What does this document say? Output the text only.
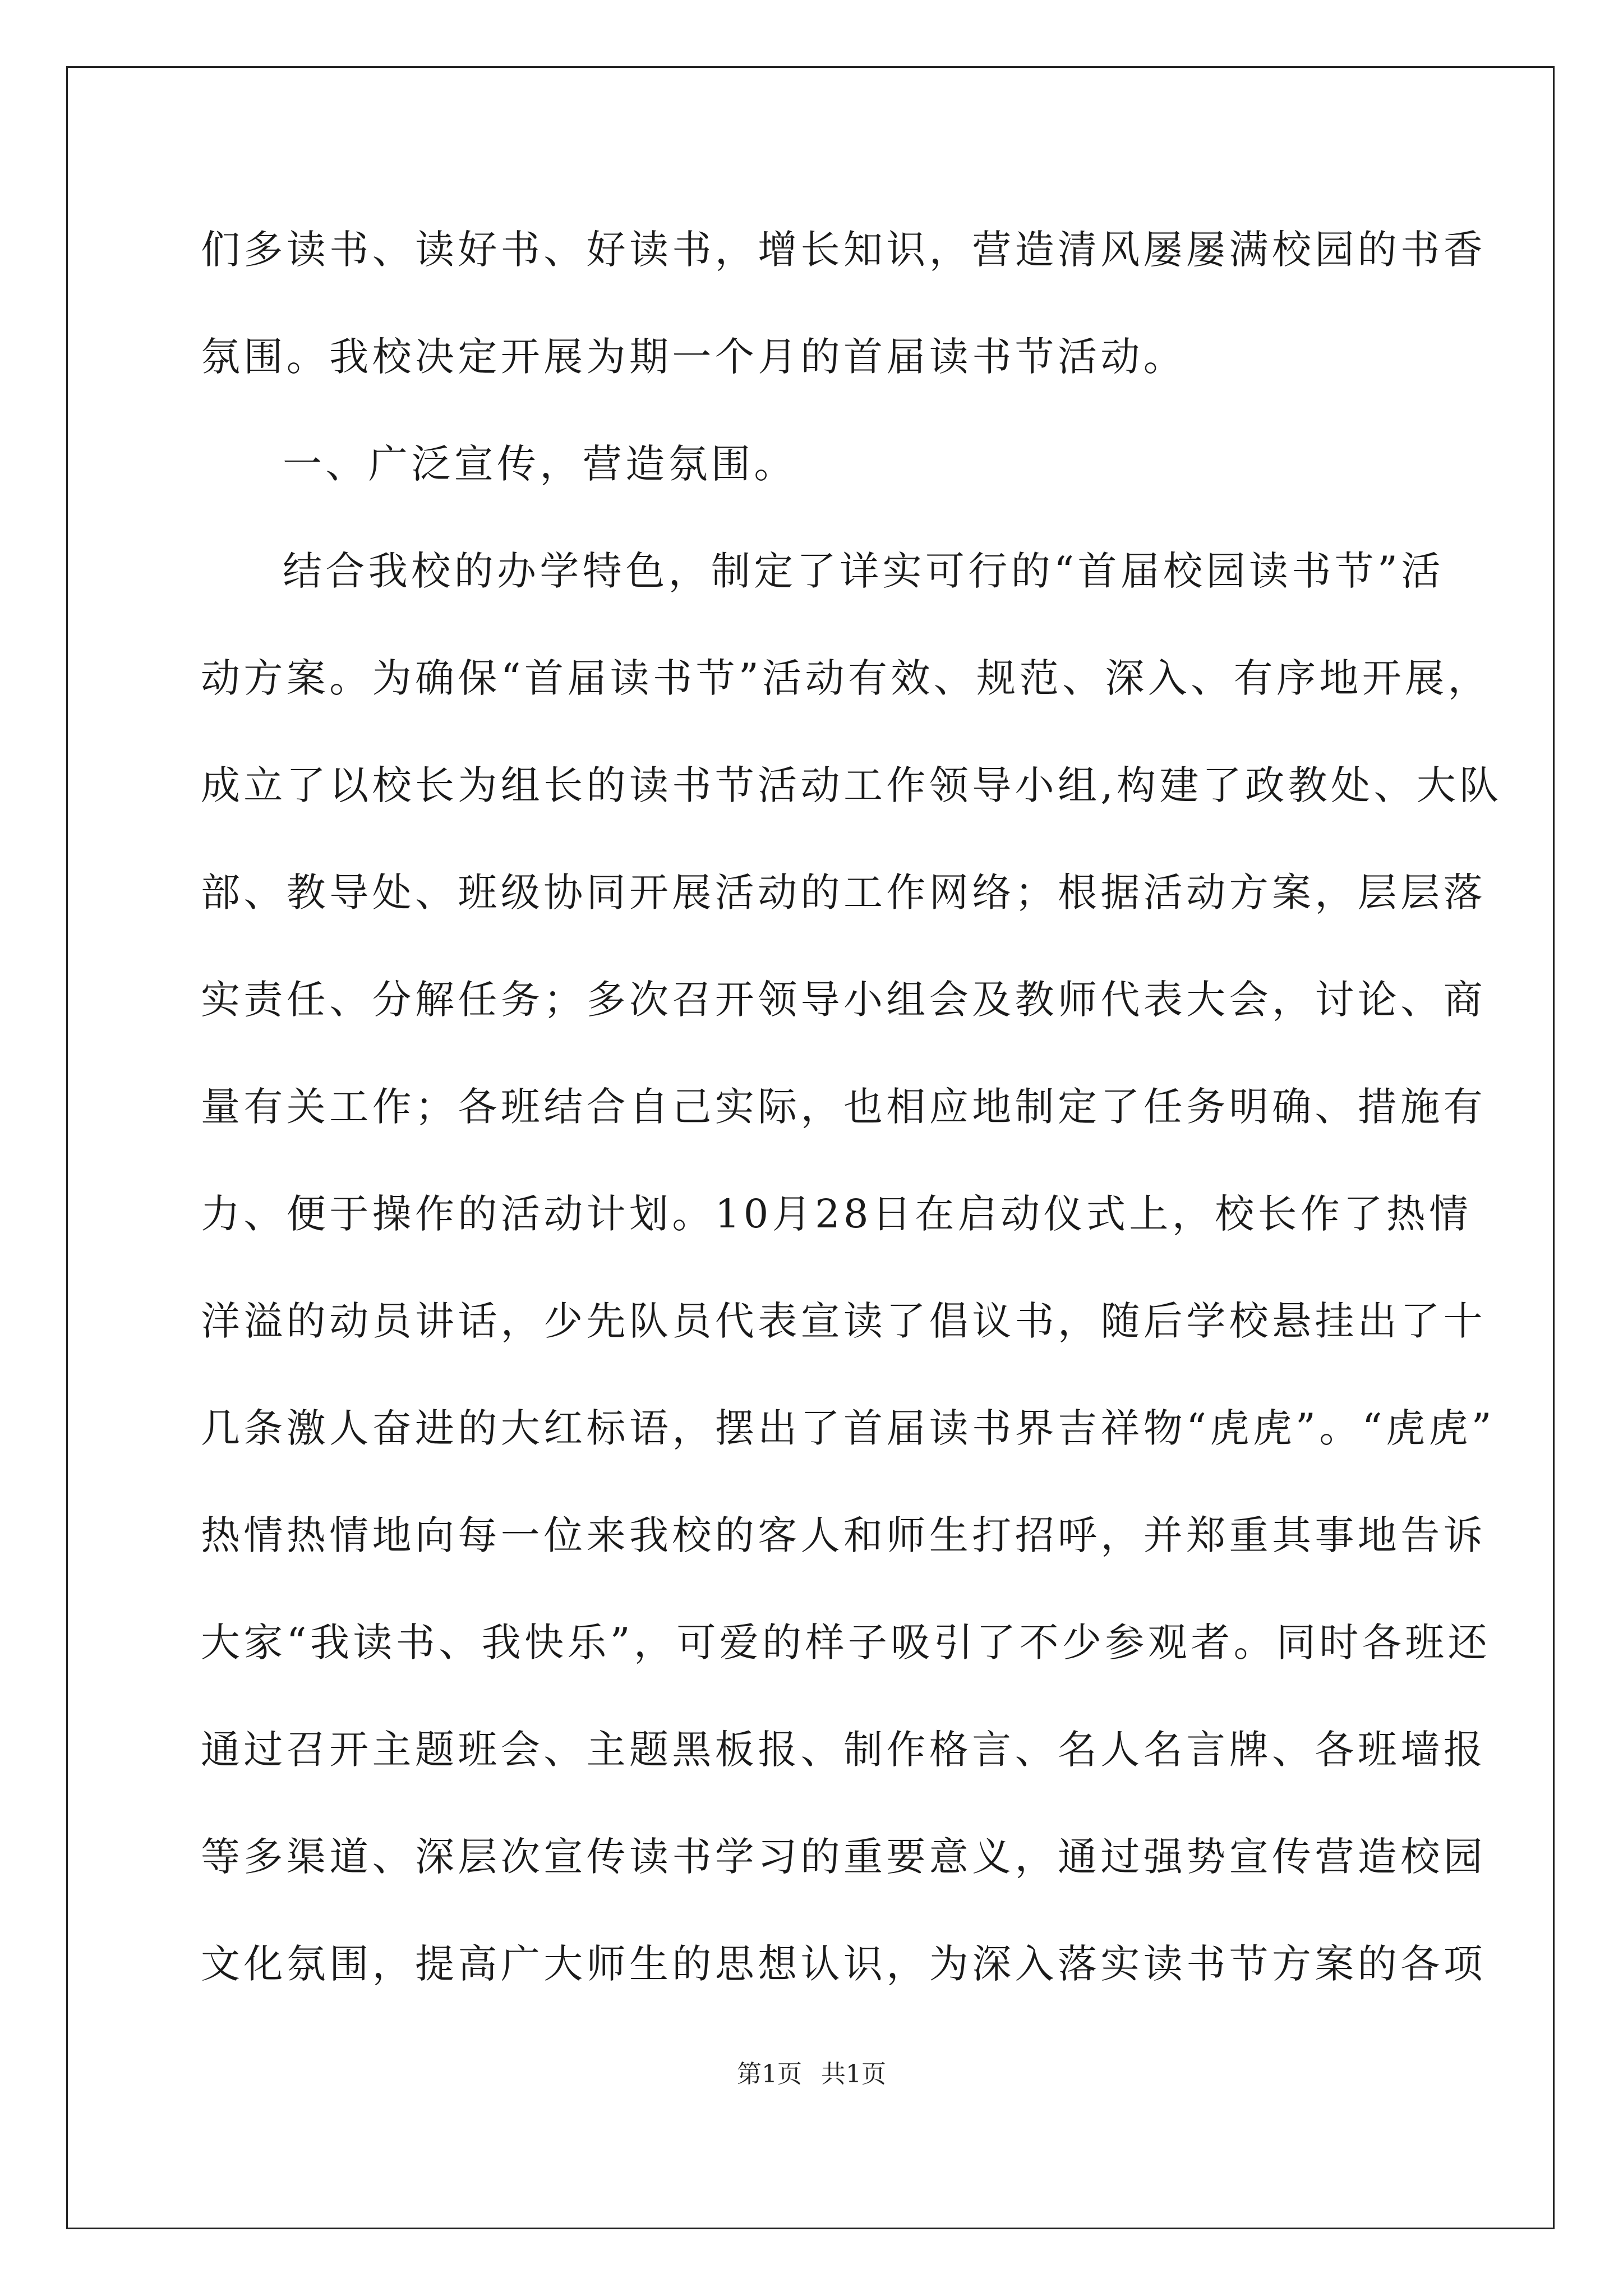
们多读书、读好书、好读书，增长知识，营造清风屡屡满校园的书香
氛围。我校决定开展为期一个月的首届读书节活动。
一、广泛宣传，营造氛围。
结合我校的办学特色，制定了详实可行的“首届校园读书节”活
动方案。为确保“首届读书节”活动有效、规范、深入、有序地开展，
成立了以校长为组长的读书节活动工作领导小组,构建了政教处、大队
部、教导处、班级协同开展活动的工作网络；根据活动方案，层层落
实责任、分解任务；多次召开领导小组会及教师代表大会，讨论、商
量有关工作；各班结合自己实际，也相应地制定了任务明确、措施有
力、便于操作的活动计划。10月28日在启动仪式上，校长作了热情
洋溢的动员讲话，少先队员代表宣读了倡议书，随后学校悬挂出了十
几条激人奋进的大红标语，摆出了首届读书界吉祥物“虎虎”。“虎虎”
热情热情地向每一位来我校的客人和师生打招呼，并郑重其事地告诉
大家“我读书、我快乐”，可爱的样子吸引了不少参观者。同时各班还
通过召开主题班会、主题黑板报、制作格言、名人名言牌、各班墙报
等多渠道、深层次宣传读书学习的重要意义，通过强势宣传营造校园
文化氛围，提高广大师生的思想认识，为深入落实读书节方案的各项
第1页 共1页
